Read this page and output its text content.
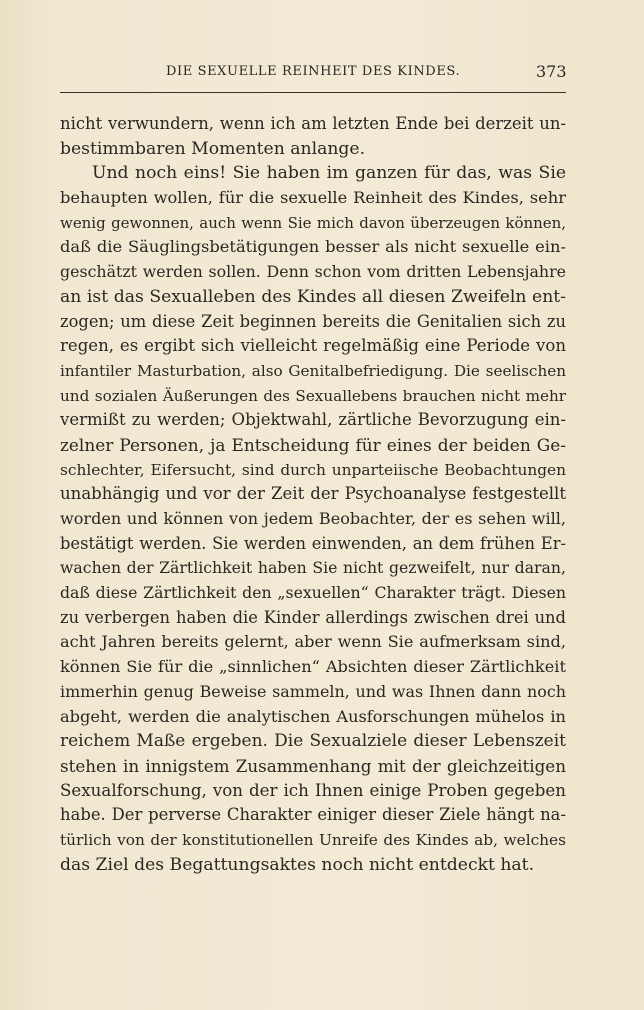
DIE SEXUELLE REINHEIT DES KINDES.	373
nicht verwundern, wenn ich am letzten Ende bei derzeit un-
bestimmbaren Momenten anlange.
Und noch eins! Sie haben im ganzen für das, was Sie
behaupten wollen, für die sexuelle Reinheit des Kindes, sehr
wenig gewonnen, auch wenn Sie mich davon überzeugen können,
daß die Säuglingsbetätigungen besser als nicht sexuelle ein-
geschätzt werden sollen. Denn schon vom dritten Lebensjahre
an ist das Sexualleben des Kindes all diesen Zweifeln ent-
zogen; um diese Zeit beginnen bereits die Genitalien sich zu
regen, es ergibt sich vielleicht regelmäßig eine Periode von
infantiler Masturbation, also Genitalbefriedigung. Die seelischen
und sozialen Äußerungen des Sexuallebens brauchen nicht mehr
vermißt zu werden; Objektwahl, zärtliche Bevorzugung ein-
zelner Personen, ja Entscheidung für eines der beiden Ge-
schlechter, Eifersucht, sind durch unparteiische Beobachtungen
unabhängig und vor der Zeit der Psychoanalyse festgestellt
worden und können von jedem Beobachter, der es sehen will,
bestätigt werden. Sie werden einwenden, an dem frühen Er-
wachen der Zärtlichkeit haben Sie nicht gezweifelt, nur daran,
daß diese Zärtlichkeit den „sexuellen“ Charakter trägt. Diesen
zu verbergen haben die Kinder allerdings zwischen drei und
acht Jahren bereits gelernt, aber wenn Sie aufmerksam sind,
können Sie für die „sinnlichen“ Absichten dieser Zärtlichkeit
immerhin genug Beweise sammeln, und was Ihnen dann noch
abgeht, werden die analytischen Ausforschungen mühelos in
reichem Maße ergeben. Die Sexualziele dieser Lebenszeit
stehen in innigstem Zusammenhang mit der gleichzeitigen
Sexualforschung, von der ich Ihnen einige Proben gegeben
habe. Der perverse Charakter einiger dieser Ziele hängt na-
türlich von der konstitutionellen Unreife des Kindes ab, welches
das Ziel des Begattungsaktes noch nicht entdeckt hat.
